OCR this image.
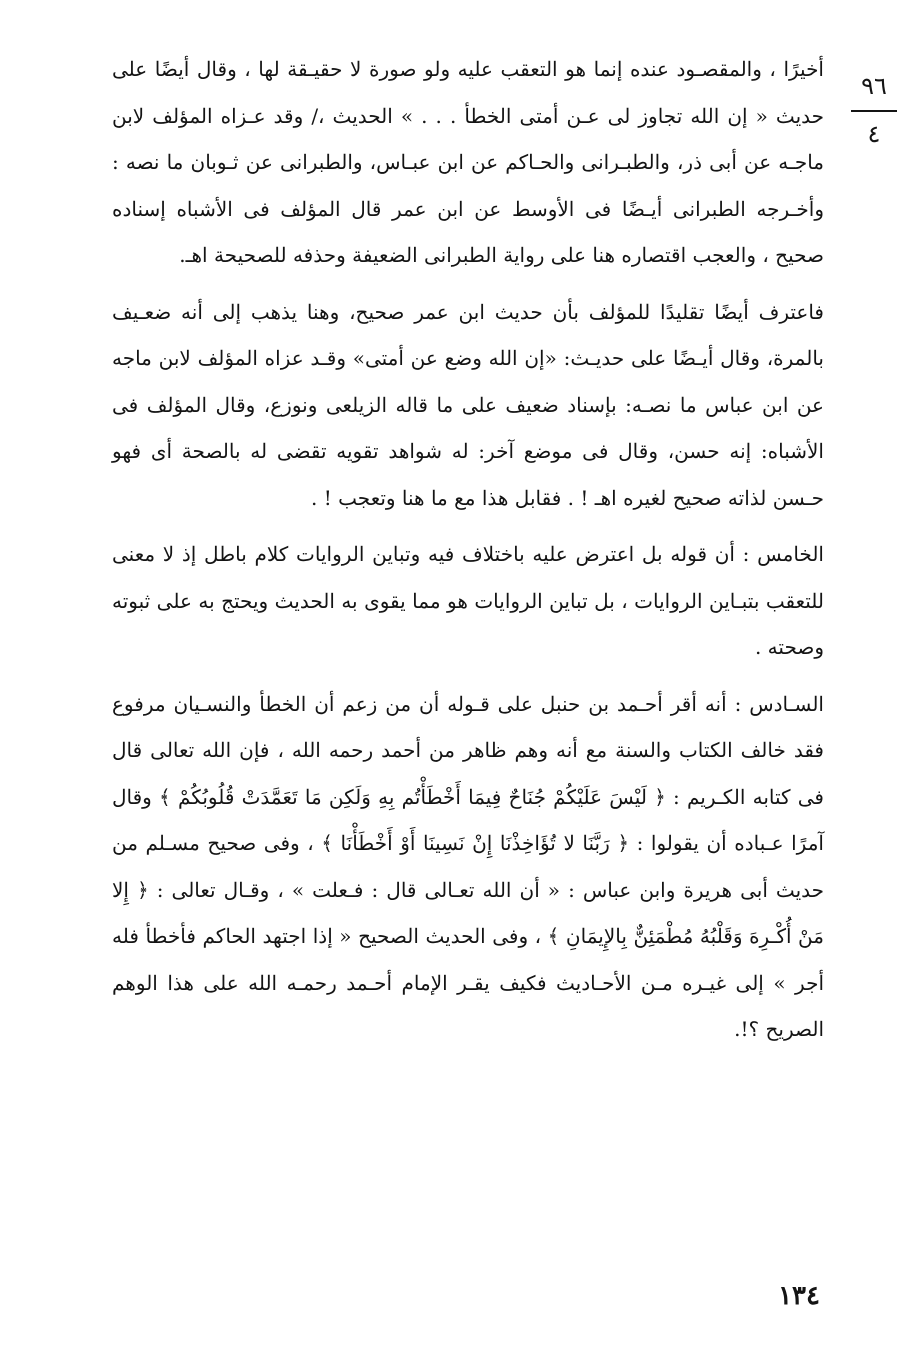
٩٦
٤

أخيرًا ، والمقصـود عنده إنما هو التعقب عليه ولو صورة لا حقيـقة لها ، وقال أيضًا على حديث « إن الله تجاوز لى عـن أمتى الخطأ . . . » الحديث ،/ وقد عـزاه المؤلف لابن ماجـه عن أبى ذر، والطبـرانى والحـاكم عن ابن عبـاس، والطبرانى عن ثـوبان ما نصه : وأخـرجه الطبرانى أيـضًا فى الأوسط عن ابن عمر قال المؤلف فى الأشباه إسناده صحيح ، والعجب اقتصاره هنا على رواية الطبرانى الضعيفة وحذفه للصحيحة اهـ.

فاعترف أيضًا تقليدًا للمؤلف بأن حديث ابن عمر صحيح، وهنا يذهب إلى أنه ضعـيف بالمرة، وقال أيـضًا على حديـث: «إن الله وضع عن أمتى» وقـد عزاه المؤلف لابن ماجه عن ابن عباس ما نصـه: بإسناد ضعيف على ما قاله الزيلعى ونوزع، وقال المؤلف فى الأشباه: إنه حسن، وقال فى موضع آخر: له شواهد تقويه تقضى له بالصحة أى فهو حـسن لذاته صحيح لغيره اهـ ! . فقابل هذا مع ما هنا وتعجب ! .

الخامس : أن قوله بل اعترض عليه باختلاف فيه وتباين الروايات كلام باطل إذ لا معنى للتعقب بتبـاين الروايات ، بل تباين الروايات هو مما يقوى به الحديث ويحتج به على ثبوته وصحته .

السـادس : أنه أقر أحـمد بن حنبل على قـوله أن من زعم أن الخطأ والنسـيان مرفوع فقد خالف الكتاب والسنة مع أنه وهم ظاهر من أحمد رحمه الله ، فإن الله تعالى قال فى كتابه الكـريم : ﴿ لَيْسَ عَلَيْكُمْ جُنَاحٌ فِيمَا أَخْطَأْتُم بِهِ وَلَكِن مَا تَعَمَّدَتْ قُلُوبُكُمْ ﴾ وقال آمرًا عـباده أن يقولوا : ﴿ رَبَّنَا لا تُؤَاخِذْنَا إِنْ نَسِينَا أَوْ أَخْطَأْنَا ﴾ ، وفى صحيح مسـلم من حديث أبى هريرة وابن عباس : « أن الله تعـالى قال : فـعلت » ، وقـال تعالى : ﴿ إِلا مَنْ أُكْـرِهَ وَقَلْبُهُ مُطْمَئِنٌّ بِالإِيمَانِ ﴾ ، وفى الحديث الصحيح « إذا اجتهد الحاكم فأخطأ فله أجر » إلى غيـره مـن الأحـاديث فكيف يقـر الإمام أحـمد رحمـه الله على هذا الوهم الصريح ؟!.

١٣٤
